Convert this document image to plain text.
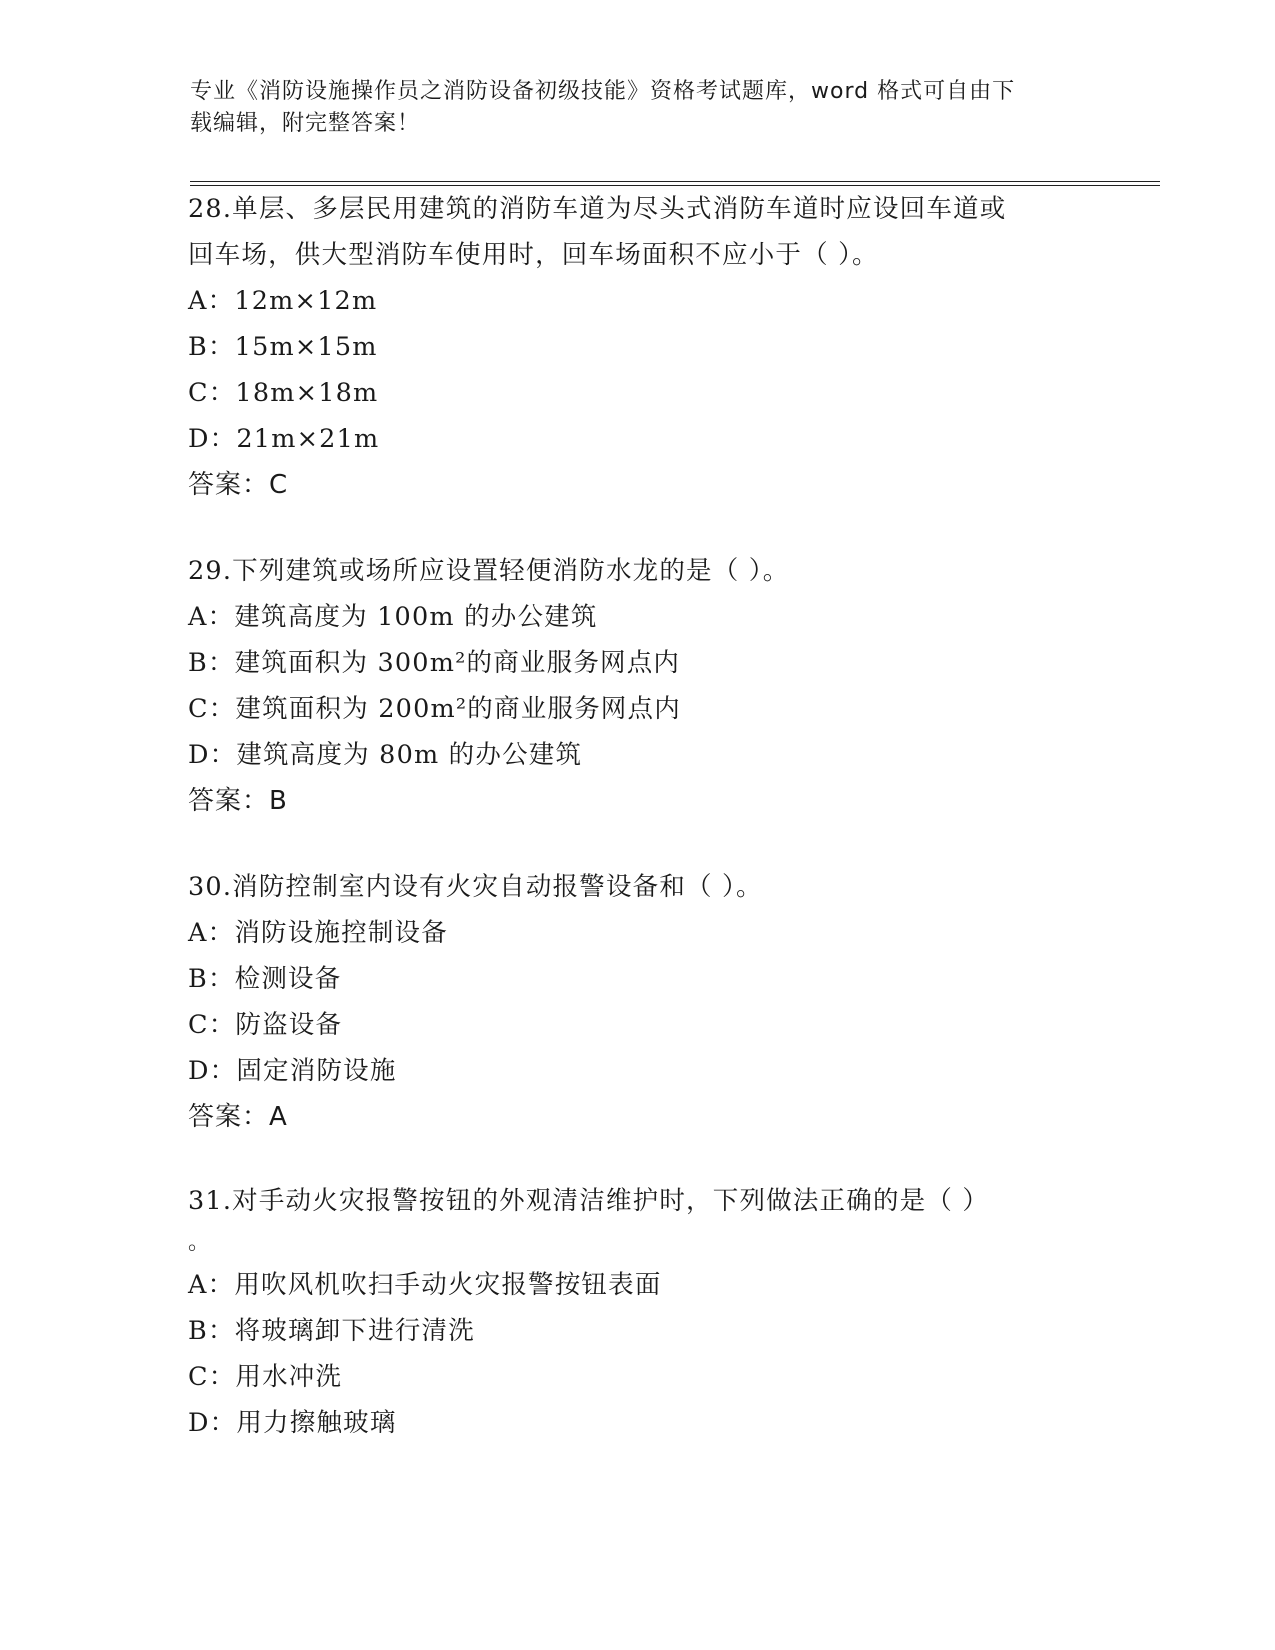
专业《消防设施操作员之消防设备初级技能》资格考试题库，word 格式可自由下
载编辑，附完整答案！
28.单层、多层民用建筑的消防车道为尽头式消防车道时应设回车道或
回车场，供大型消防车使用时，回车场面积不应小于（ ）。
A：12m×12m
B：15m×15m
C：18m×18m
D：21m×21m
答案：C
29.下列建筑或场所应设置轻便消防水龙的是（ ）。
A：建筑高度为 100m 的办公建筑
B：建筑面积为 300m²的商业服务网点内
C：建筑面积为 200m²的商业服务网点内
D：建筑高度为 80m 的办公建筑
答案：B
30.消防控制室内设有火灾自动报警设备和（ ）。
A：消防设施控制设备
B：检测设备
C：防盗设备
D：固定消防设施
答案：A
31.对手动火灾报警按钮的外观清洁维护时，下列做法正确的是（ ）
。
A：用吹风机吹扫手动火灾报警按钮表面
B：将玻璃卸下进行清洗
C：用水冲洗
D：用力擦触玻璃
